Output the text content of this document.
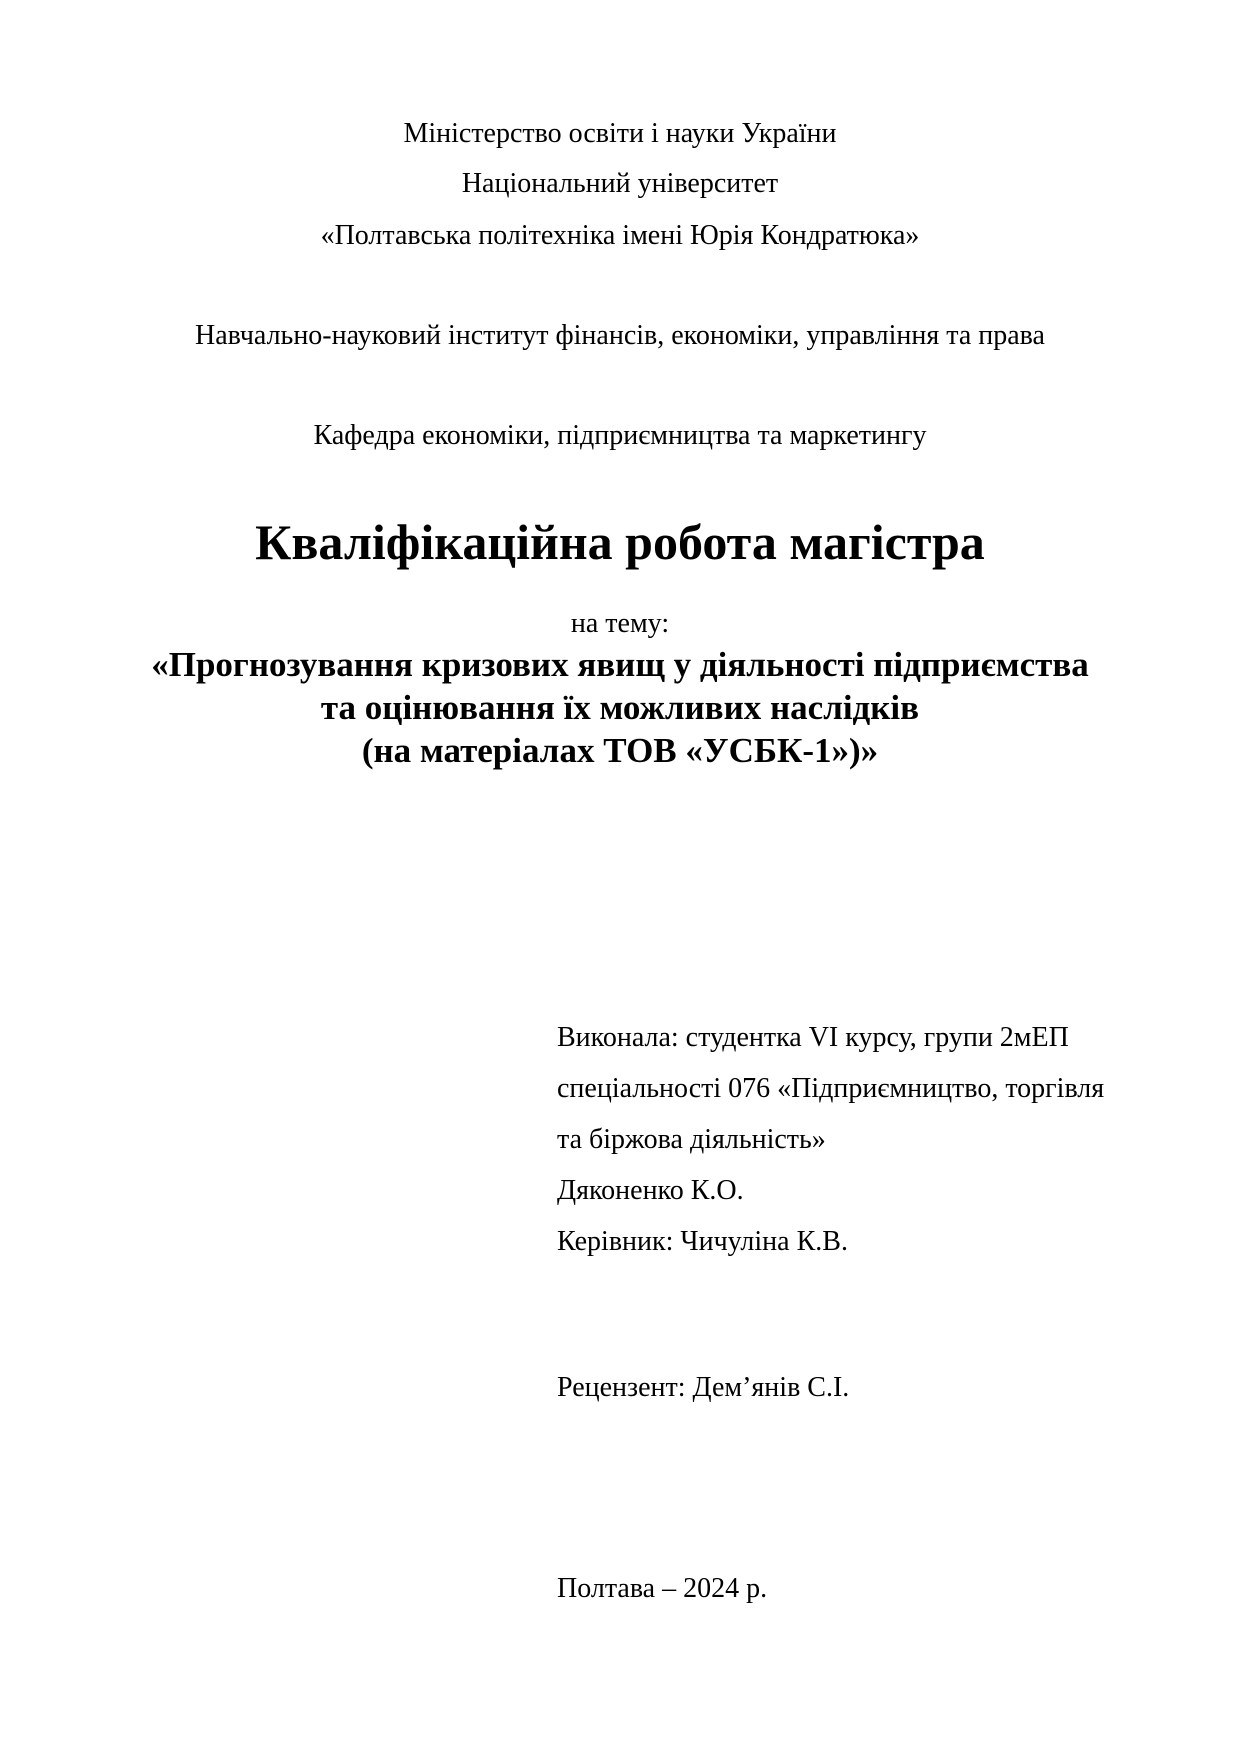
Міністерство освіти і науки України
Національний університет
«Полтавська політехніка імені Юрія Кондратюка»
Навчально-науковий інститут фінансів, економіки, управління та права
Кафедра економіки, підприємництва та маркетингу
Кваліфікаційна робота магістра
на тему:
«Прогнозування кризових явищ у діяльності підприємства
та оцінювання їх можливих наслідків
(на матеріалах ТОВ «УСБК-1»)»
Виконала: студентка VI курсу, групи 2мЕП
спеціальності 076 «Підприємництво, торгівля
та біржова діяльність»
Дяконенко К.О.
Керівник: Чичуліна К.В.
Рецензент: Дем’янів С.І.
Полтава – 2024 р.
